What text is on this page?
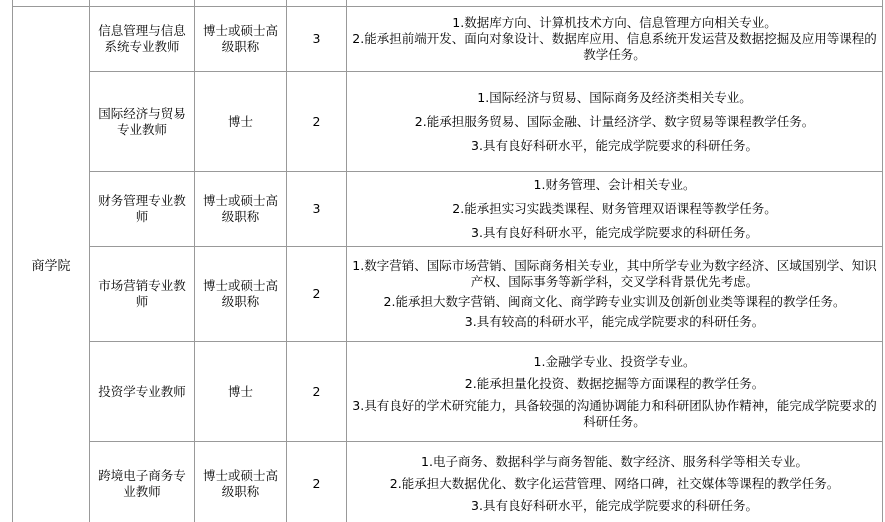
商学院	信息管理与信息系统专业教师	博士或硕士高级职称	3	1.数据库方向、计算机技术方向、信息管理方向相关专业。
2.能承担前端开发、面向对象设计、数据库应用、信息系统开发运营及数据挖掘及应用等课程的教学任务。

	国际经济与贸易专业教师	博士	2	1.国际经济与贸易、国际商务及经济类相关专业。
2.能承担服务贸易、国际金融、计量经济学、数字贸易等课程教学任务。
3.具有良好科研水平，能完成学院要求的科研任务。

	财务管理专业教师	博士或硕士高级职称	3	1.财务管理、会计相关专业。
2.能承担实习实践类课程、财务管理双语课程等教学任务。
3.具有良好科研水平，能完成学院要求的科研任务。

	市场营销专业教师	博士或硕士高级职称	2	1.数字营销、国际市场营销、国际商务相关专业，其中所学专业为数字经济、区域国别学、知识产权、国际事务等新学科，交叉学科背景优先考虑。
2.能承担大数字营销、闽商文化、商学跨专业实训及创新创业类等课程的教学任务。
3.具有较高的科研水平，能完成学院要求的科研任务。

	投资学专业教师	博士	2	1.金融学专业、投资学专业。
2.能承担量化投资、数据挖掘等方面课程的教学任务。
3.具有良好的学术研究能力，具备较强的沟通协调能力和科研团队协作精神，能完成学院要求的科研任务。

	跨境电子商务专业教师	博士或硕士高级职称	2	1.电子商务、数据科学与商务智能、数字经济、服务科学等相关专业。
2.能承担大数据优化、数字化运营管理、网络口碑，社交媒体等课程的教学任务。
3.具有良好科研水平，能完成学院要求的科研任务。
